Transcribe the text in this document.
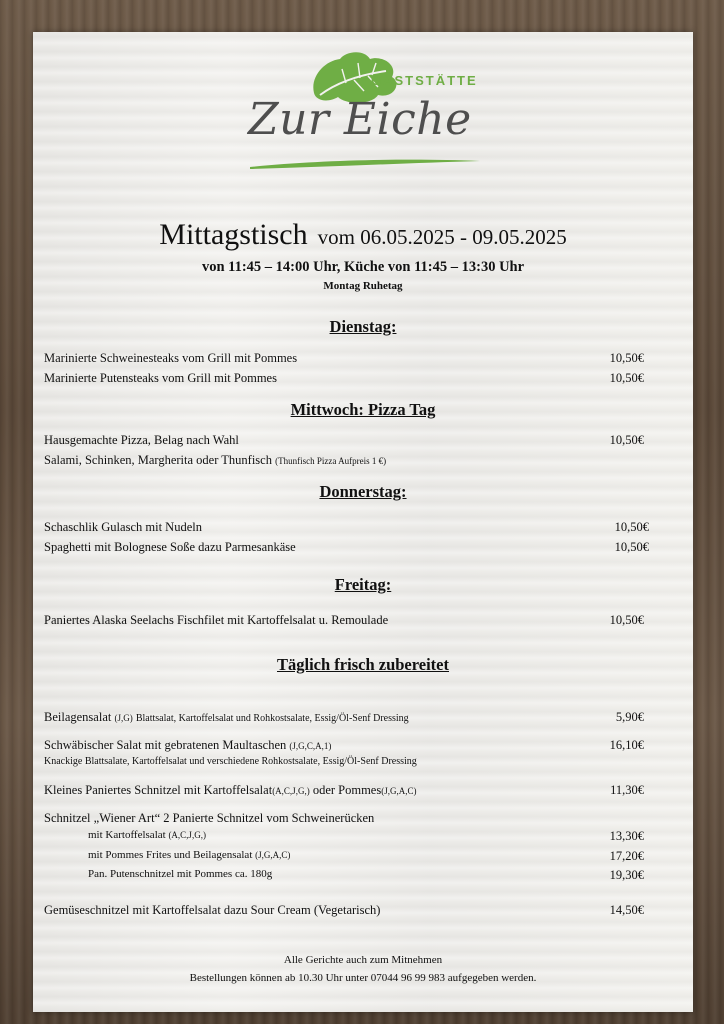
GASTSTÄTTE
Zur Eiche
Mittagstisch vom 06.05.2025 - 09.05.2025
von 11:45 – 14:00 Uhr, Küche von 11:45 – 13:30 Uhr
Montag Ruhetag
Dienstag:
Marinierte Schweinesteaks vom Grill mit Pommes	10,50€
Marinierte Putensteaks vom Grill mit Pommes	10,50€
Mittwoch: Pizza Tag
Hausgemachte Pizza, Belag nach Wahl	10,50€
Salami, Schinken, Margherita oder Thunfisch (Thunfisch Pizza Aufpreis 1 €)
Donnerstag:
Schaschlik Gulasch mit Nudeln	10,50€
Spaghetti mit Bolognese Soße dazu Parmesankäse	10,50€
Freitag:
Paniertes Alaska Seelachs Fischfilet mit Kartoffelsalat u. Remoulade	10,50€
Täglich frisch zubereitet
Beilagensalat (J,G) Blattsalat, Kartoffelsalat und Rohkostsalate, Essig/Öl-Senf Dressing	5,90€
Schwäbischer Salat mit gebratenen Maultaschen (J,G,C,A,1)	16,10€
Knackige Blattsalate, Kartoffelsalat und verschiedene Rohkostsalate, Essig/Öl-Senf Dressing
Kleines Paniertes Schnitzel mit Kartoffelsalat(A,C,J,G,) oder Pommes(J,G,A,C)	11,30€
Schnitzel „Wiener Art“ 2 Panierte Schnitzel vom Schweinerücken
mit Kartoffelsalat (A,C,J,G,)	13,30€
mit Pommes Frites und Beilagensalat (J,G,A,C)	17,20€
Pan. Putenschnitzel mit Pommes ca. 180g	19,30€
Gemüseschnitzel mit Kartoffelsalat dazu Sour Cream (Vegetarisch)	14,50€
Alle Gerichte auch zum Mitnehmen
Bestellungen können ab 10.30 Uhr unter 07044 96 99 983 aufgegeben werden.
